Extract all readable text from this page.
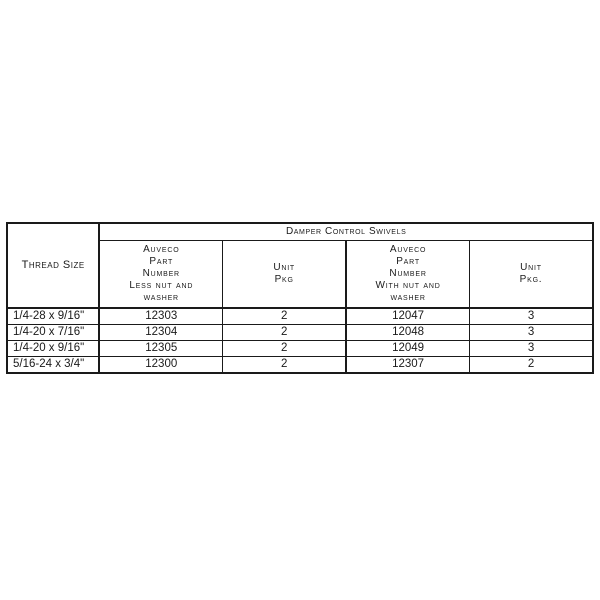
Thread Size	Damper Control Swivels			

	Auveco
Part
Number
Less nut and
washer	Unit
Pkg	Auveco
Part
Number
With nut and
washer	Unit
Pkg.

1/4-28 x 9/16"	12303	2	12047	3
1/4-20 x 7/16"	12304	2	12048	3
1/4-20 x 9/16"	12305	2	12049	3
5/16-24 x 3/4"	12300	2	12307	2
